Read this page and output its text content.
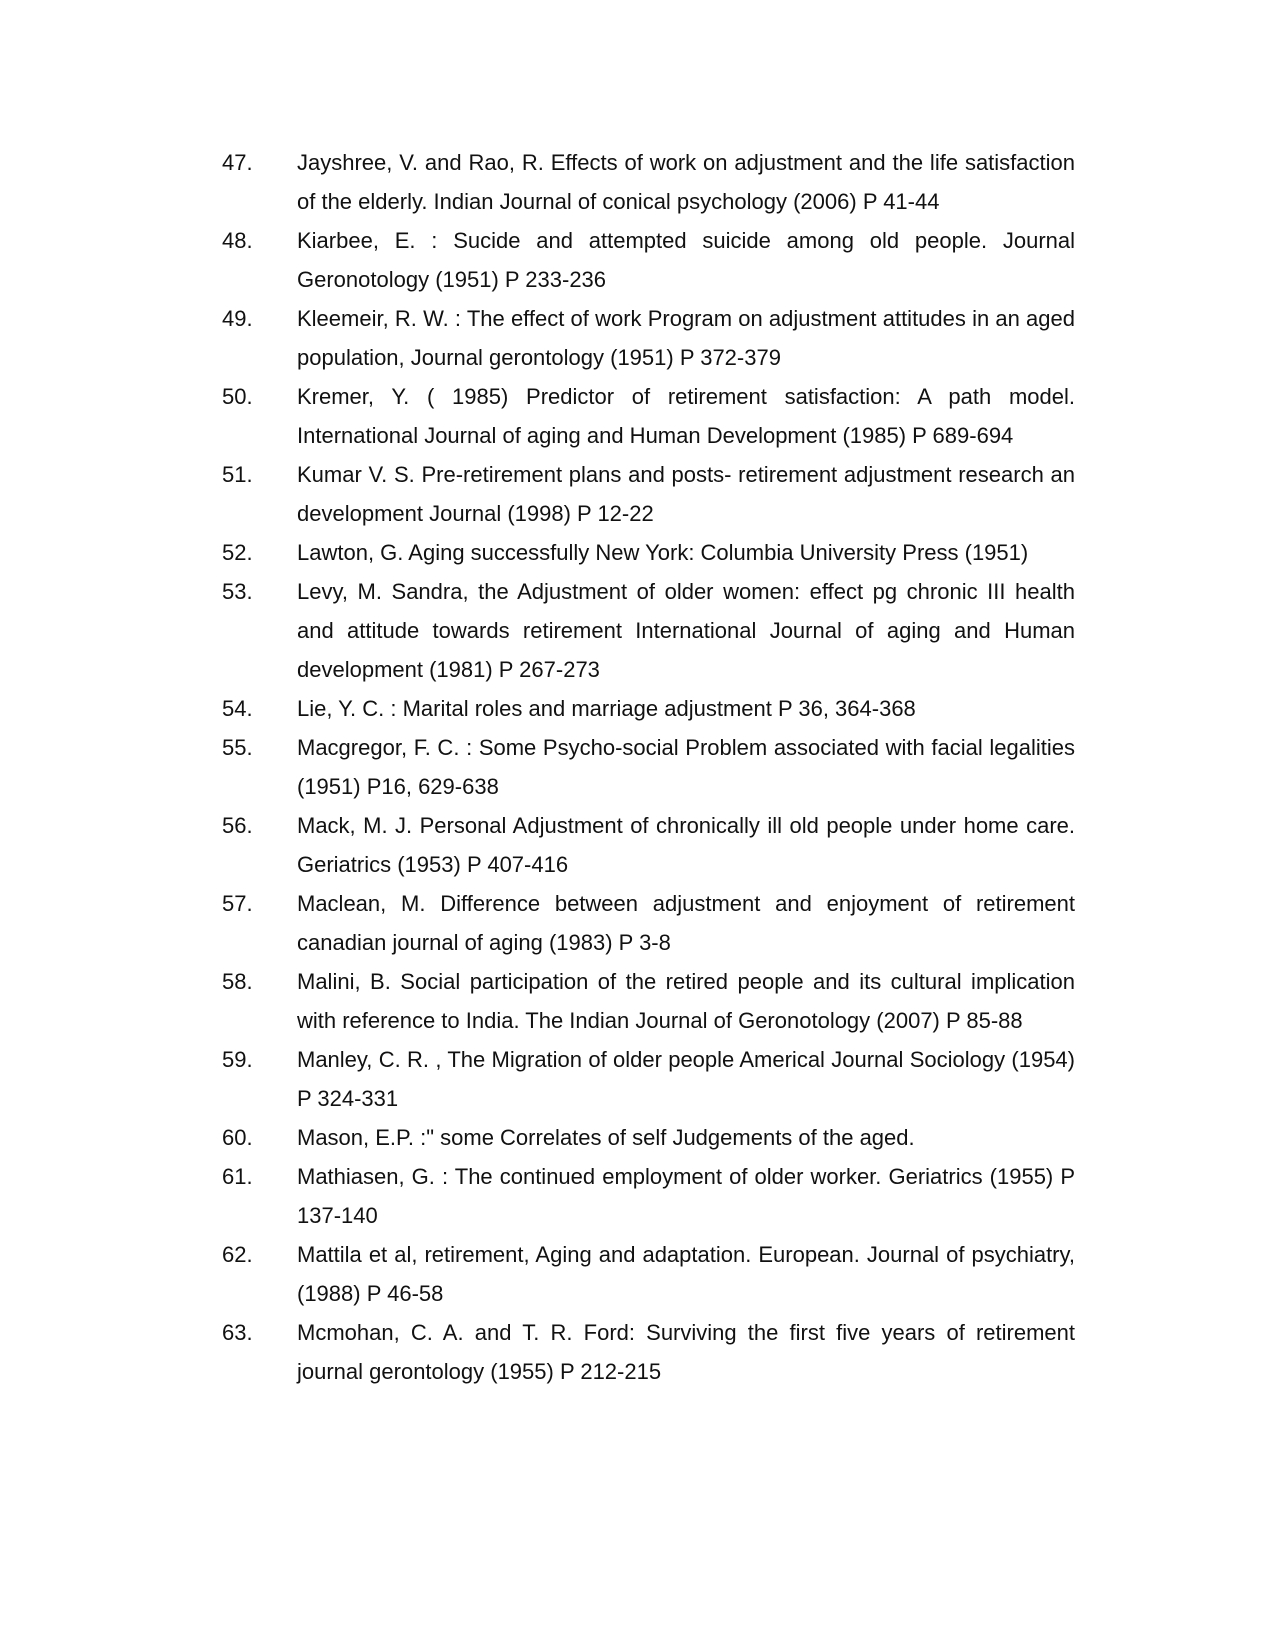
47.	Jayshree, V. and Rao, R. Effects of work on adjustment and the life satisfaction of the elderly. Indian Journal of conical psychology (2006) P 41-44
48.	Kiarbee, E. : Sucide and attempted suicide among old people. Journal Geronotology (1951) P 233-236
49.	Kleemeir, R. W. : The effect of work Program on adjustment attitudes in an aged population, Journal gerontology (1951) P 372-379
50.	Kremer, Y. ( 1985) Predictor of retirement satisfaction: A path model. International Journal of aging and Human Development (1985) P 689-694
51.	Kumar V. S. Pre-retirement plans and posts- retirement adjustment research an development Journal (1998) P 12-22
52.	Lawton, G. Aging successfully New York: Columbia University Press (1951)
53.	Levy, M. Sandra, the Adjustment of older women: effect pg chronic III health and attitude towards retirement International Journal of aging and Human development (1981) P 267-273
54.	Lie, Y. C. : Marital roles and marriage adjustment P 36, 364-368
55.	Macgregor, F. C. : Some Psycho-social Problem associated with facial legalities (1951) P16, 629-638
56.	Mack, M. J. Personal Adjustment of chronically ill old people under home care. Geriatrics (1953) P 407-416
57.	Maclean, M. Difference between adjustment and enjoyment of retirement canadian journal of aging (1983) P 3-8
58.	Malini, B. Social participation of the retired people and its cultural implication with reference to India. The Indian Journal of Geronotology (2007) P 85-88
59.	Manley, C. R. , The Migration of older people Americal Journal Sociology (1954) P 324-331
60.	Mason, E.P. :" some Correlates of self Judgements of the aged.
61.	Mathiasen, G. : The continued employment of older worker. Geriatrics (1955) P 137-140
62.	Mattila et al, retirement, Aging and adaptation. European. Journal of psychiatry, (1988) P 46-58
63.	Mcmohan, C. A. and T. R. Ford: Surviving the first five years of retirement journal gerontology (1955) P 212-215
